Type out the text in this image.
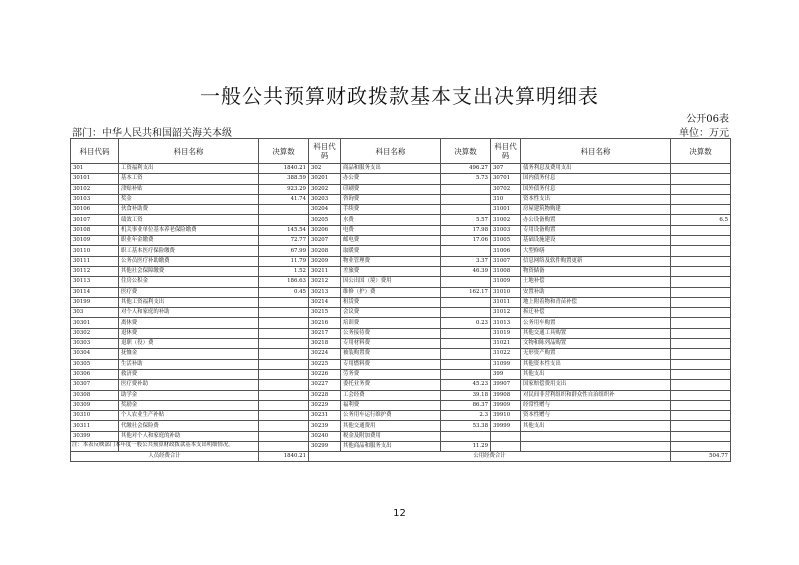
一般公共预算财政拨款基本支出决算明细表
公开06表
部门：中华人民共和国韶关海关本级	单位：万元
科目代码	科目名称	决算数	科目代码	科目名称	决算数	科目代码	科目名称	决算数
301	工资福利支出	1840.21	302	商品和服务支出	496.27	307	债务利息及费用支出	
30101	基本工资	388.59	30201	办公费	5.73	30701	国内债务付息	
30102	津贴补贴	923.29	30202	印刷费		30702	国外债务付息	
30103	奖金	41.74	30203	咨询费		310	资本性支出	
30106	伙食补助费		30204	手续费		31001	房屋建筑物购建	
30107	绩效工资		30205	水费	5.57	31002	办公设备购置	6.5
30108	机关事业单位基本养老保险缴费	145.54	30206	电费	17.98	31003	专用设备购置	
30109	职业年金缴费	72.77	30207	邮电费	17.06	31005	基础设施建设	
30110	职工基本医疗保险缴费	67.99	30208	取暖费		31006	大型修缮	
30111	公务员医疗补助缴费	11.79	30209	物业管理费	3.37	31007	信息网络及软件购置更新	
30112	其他社会保障缴费	1.52	30211	差旅费	46.39	31008	物资储备	
30113	住房公积金	186.63	30212	因公出国（境）费用		31009	土地补偿	
30114	医疗费	0.45	30213	维修（护）费	162.17	31010	安置补助	
30199	其他工资福利支出		30214	租赁费		31011	地上附着物和青苗补偿	
303	对个人和家庭的补助		30215	会议费		31012	拆迁补偿	
30301	离休费		30216	培训费	0.23	31013	公务用车购置	
30302	退休费		30217	公务接待费		31019	其他交通工具购置	
30303	退职（役）费		30218	专用材料费		31021	文物和陈列品购置	
30304	抚恤金		30224	被装购置费		31022	无形资产购置	
30305	生活补助		30225	专用燃料费		31099	其他资本性支出	
30306	救济费		30226	劳务费		399	其他支出	
30307	医疗费补助		30227	委托业务费	45.23	39907	国家赔偿费用支出	
30308	助学金		30228	工会经费	39.18	39908	对民间非营利组织和群众性自治组织补	
30309	奖励金		30229	福利费	86.37	39909	经常性赠与	
30310	个人农业生产补贴		30231	公务用车运行维护费	2.3	39910	资本性赠与	
30311	代缴社会保险费		30239	其他交通费用	53.38	39999	其他支出	
30399	其他对个人和家庭的补助		30240	税金及附加费用				
			30299	其他商品和服务支出	11.29			
人员经费合计		1840.21	公用经费合计					504.77
注：本表反映部门本年度一般公共预算财政拨款基本支出明细情况。
12
